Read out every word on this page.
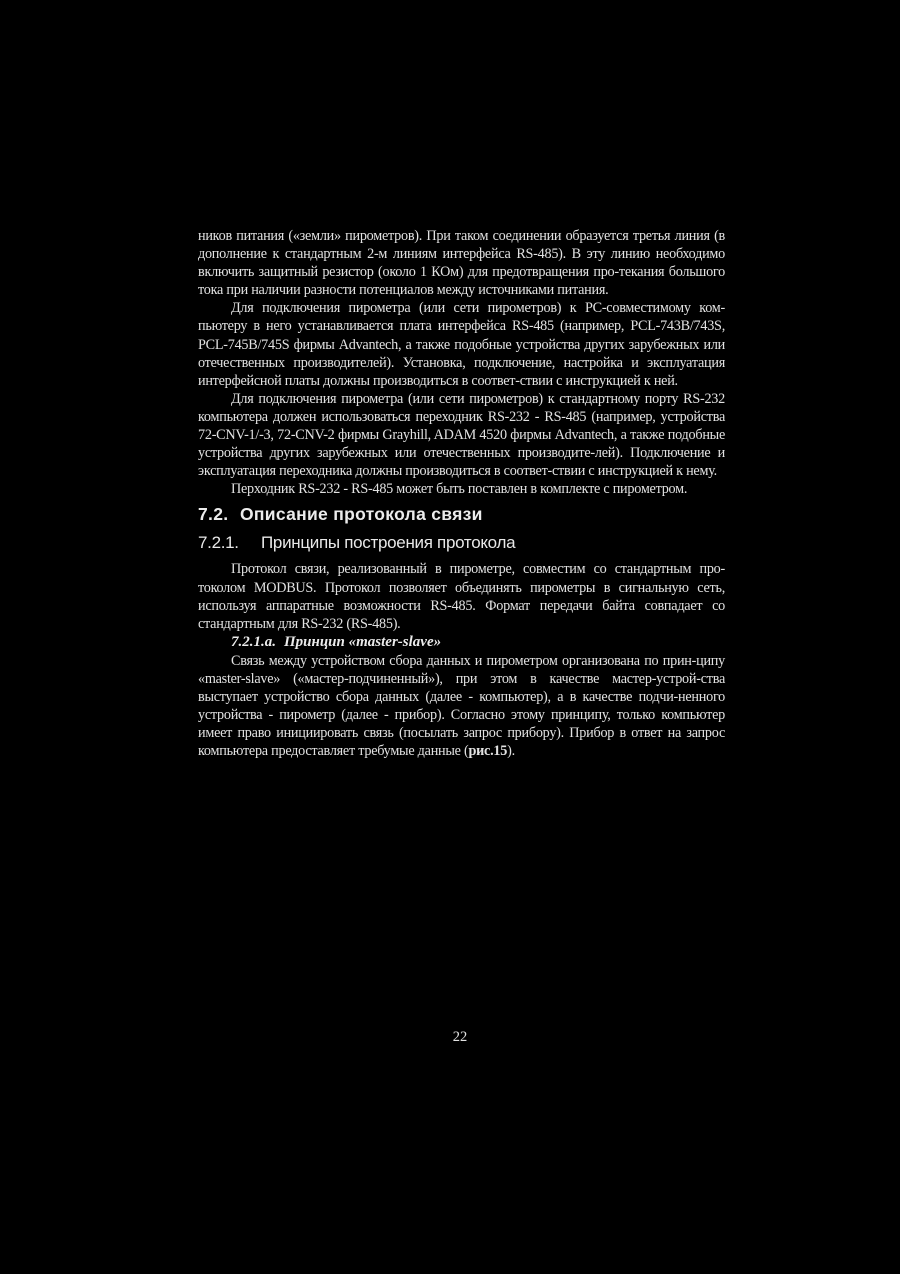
ников питания («земли» пирометров). При таком соединении образуется третья линия (в дополнение к стандартным 2-м линиям интерфейса RS-485). В эту линию необходимо включить защитный резистор (около 1 КОм) для предотвращения про-текания большого тока при наличии разности потенциалов между источниками питания.

Для подключения пирометра (или сети пирометров) к PC-совместимому ком-пьютеру в него устанавливается плата интерфейса RS-485 (например, PCL-743B/743S, PCL-745B/745S фирмы Advantech, а также подобные устройства других зарубежных или отечественных производителей). Установка, подключение, настройка и эксплуатация интерфейсной платы должны производиться в соответ-ствии с инструкцией к ней.

Для подключения пирометра (или сети пирометров) к стандартному порту RS-232 компьютера должен использоваться переходник RS-232 - RS-485 (например, устройства 72-CNV-1/-3, 72-CNV-2 фирмы Grayhill, ADAM 4520 фирмы Advantech, а также подобные устройства других зарубежных или отечественных производите-лей). Подключение и эксплуатация переходника должны производиться в соответ-ствии с инструкцией к нему.

Перходник RS-232 - RS-485 может быть поставлен в комплекте с пирометром.

7.2. Описание протокола связи
7.2.1. Принципы построения протокола

Протокол связи, реализованный в пирометре, совместим со стандартным про-токолом MODBUS. Протокол позволяет объединять пирометры в сигнальную сеть, используя аппаратные возможности RS-485. Формат передачи байта совпадает со стандартным для RS-232 (RS-485).

7.2.1.а. Принцип «master-slave»

Связь между устройством сбора данных и пирометром организована по прин-ципу «master-slave» («мастер-подчиненный»), при этом в качестве мастер-устрой-ства выступает устройство сбора данных (далее - компьютер), а в качестве подчи-ненного устройства - пирометр (далее - прибор). Согласно этому принципу, только компьютер имеет право инициировать связь (посылать запрос прибору). Прибор в ответ на запрос компьютера предоставляет требумые данные (рис.15).

22
